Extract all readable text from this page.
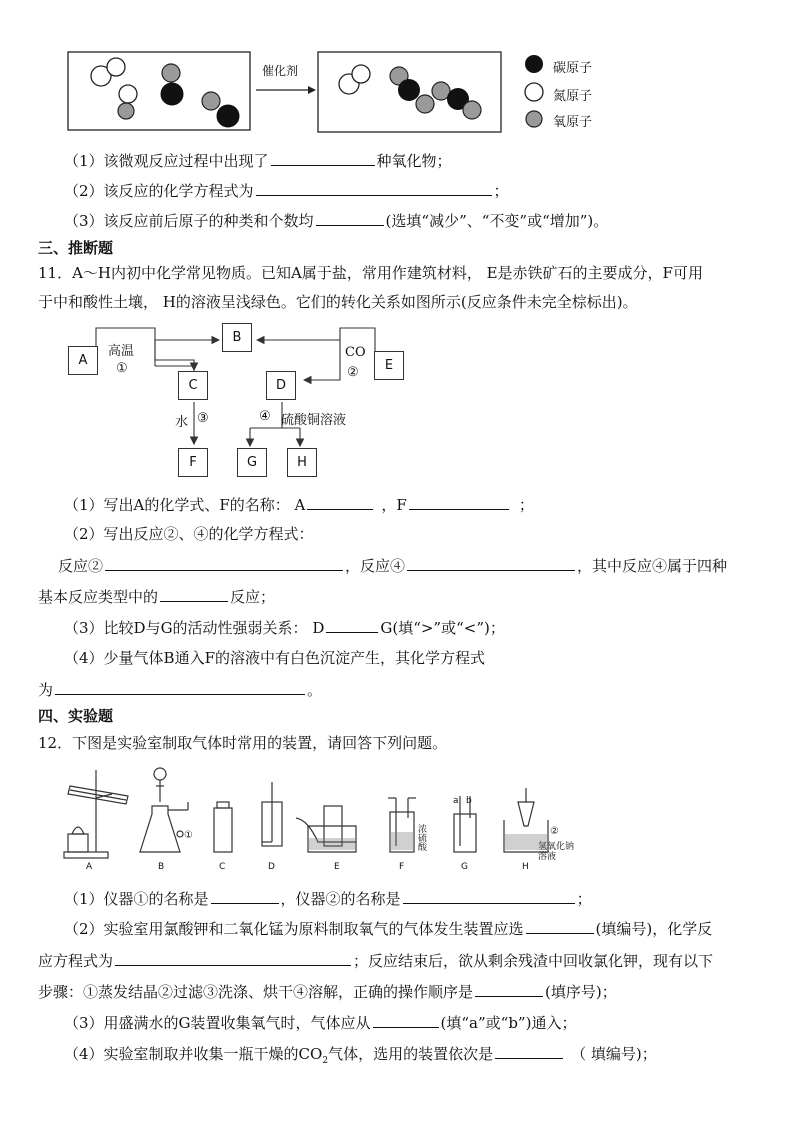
催化剂	碳原子
氮原子
氧原子
（1）该微观反应过程中出现了	种氧化物；
（2）该反应的化学方程式为	；
（3）该反应前后原子的种类和个数均	(选填“减少”、“不变”或“增加”)。
三、推断题
11．A～H内初中化学常见物质。已知A属于盐，常用作建筑材料， E是赤铁矿石的主要成分，F可用
于中和酸性土壤， H的溶液呈浅绿色。它们的转化关系如图所示(反应条件未完全棕标出)。
A
B
C	D
E
F	G	H
高温
①
CO
②
水 ③	④ 硫酸铜溶液
（1）写出A的化学式、F的名称： A	，F	；
（2）写出反应②、④的化学方程式：
反应②	，反应④	，其中反应④属于四种
基本反应类型中的	反应；
（3）比较D与G的活动性强弱关系： D	G(填“>”或“<”)；
（4）少量气体B通入F的溶液中有白色沉淀产生，其化学方程式
为	。
四、实验题
12．下图是实验室制取气体时常用的装置，请回答下列问题。
A	B	C	D	E	F	G	H
①	②
a b
浓硫酸	氢氧化钠溶液
（1）仪器①的名称是	，仪器②的名称是	；
（2）实验室用氯酸钾和二氧化锰为原料制取氧气的气体发生装置应选	(填编号)，化学反
应方程式为	；反应结束后，欲从剩余残渣中回收氯化钾，现有以下
步骤：①蒸发结晶②过滤③洗涤、烘干④溶解，正确的操作顺序是	(填序号)；
（3）用盛满水的G装置收集氧气时，气体应从	(填“a”或“b”)通入；
（4）实验室制取并收集一瓶干燥的$CO_2$气体，选用的装置依次是	（ 填编号)；
